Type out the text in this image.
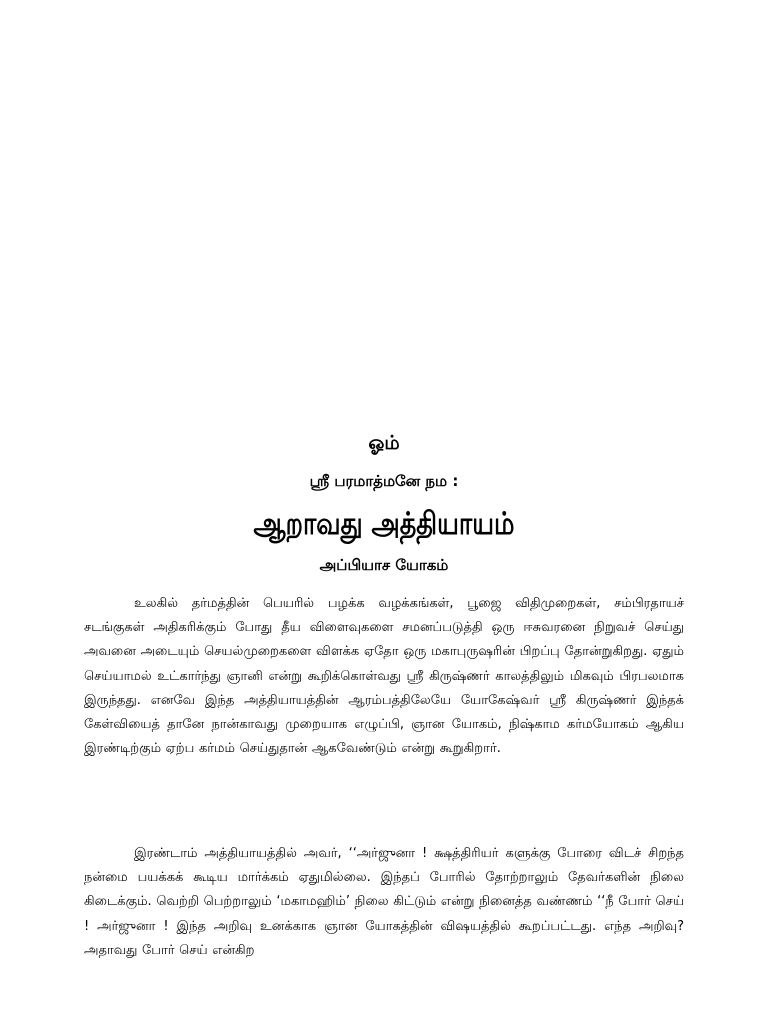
ஓம்
ஸ்ரீ பரமாத்மனே நம :
ஆறாவது அத்தியாயம்
அப்பியாச யோகம்

உலகில் தர்மத்தின் பெயரில் பழக்க வழக்கங்கள், பூஜை விதிமுறைகள், சம்பிரதாயச் சடங்குகள் அதிகரிக்கும் போது தீய விளைவுகளை சமனப்படுத்தி ஒரு ஈசுவரனை நிறுவச் செய்து அவனை அடையும் செயல்முறைகளை விளக்க ஏதோ ஒரு மகாபுருஷரின் பிறப்பு தோன்றுகிறது. ஏதும் செய்யாமல் உட்கார்ந்து ஞானி என்று கூறிக்கொள்வது ஸ்ரீ கிருஷ்ணர் காலத்திலும் மிகவும் பிரபலமாக இருந்தது. எனவே இந்த அத்தியாயத்தின் ஆரம்பத்திலேயே யோகேஷ்வர் ஸ்ரீ கிருஷ்ணர் இந்தக் கேள்வியைத் தானே நான்காவது முறையாக எழுப்பி, ஞான யோகம், நிஷ்காம கர்மயோகம் ஆகிய இரண்டிற்கும் ஏற்ப கர்மம் செய்துதான் ஆகவேண்டும் என்று கூறுகிறார்.

இரண்டாம் அத்தியாயத்தில் அவர், ‘‘அர்ஜுனா ! க்ஷத்திரியர் களுக்கு போரை விடச் சிறந்த நன்மை பயக்கக் கூடிய மார்க்கம் ஏதுமில்லை. இந்தப் போரில் தோற்றாலும் தேவர்களின் நிலை கிடைக்கும். வெற்றி பெற்றாலும் ‘மகாமஹிம்’ நிலை கிட்டும் என்று நினைத்த வண்ணம் ‘‘நீ போர் செய் ! அர்ஜுனா ! இந்த அறிவு உனக்காக ஞான யோகத்தின் விஷயத்தில் கூறப்பட்டது. எந்த அறிவு? அதாவது போர் செய் என்கிற
